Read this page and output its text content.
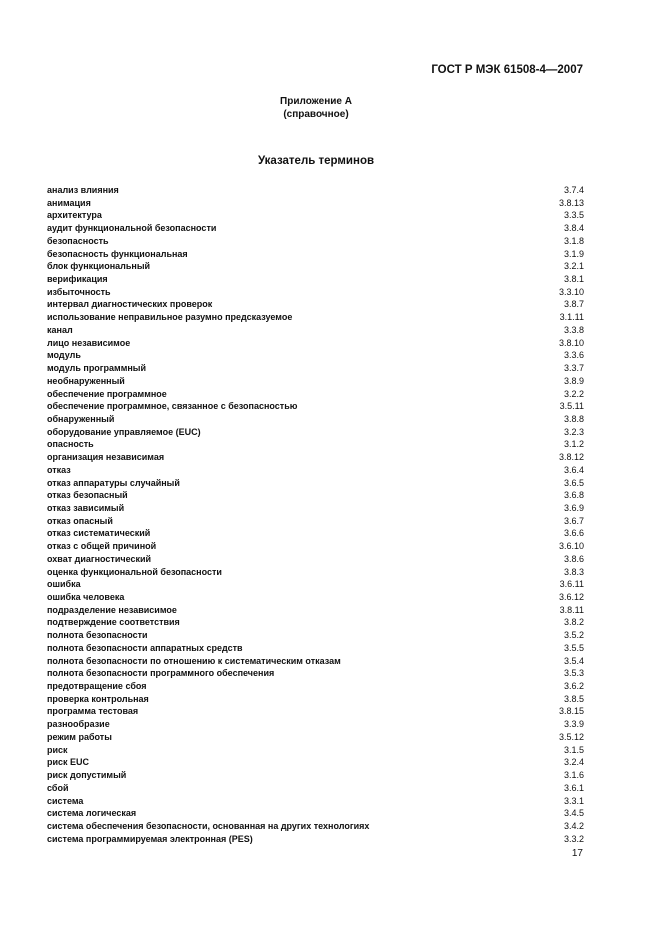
ГОСТ Р МЭК 61508-4—2007
Приложение А
(справочное)
Указатель терминов
анализ влияния	3.7.4
анимация	3.8.13
архитектура	3.3.5
аудит функциональной безопасности	3.8.4
безопасность	3.1.8
безопасность функциональная	3.1.9
блок функциональный	3.2.1
верификация	3.8.1
избыточность	3.3.10
интервал диагностических проверок	3.8.7
использование неправильное разумно предсказуемое	3.1.11
канал	3.3.8
лицо независимое	3.8.10
модуль	3.3.6
модуль программный	3.3.7
необнаруженный	3.8.9
обеспечение программное	3.2.2
обеспечение программное, связанное с безопасностью	3.5.11
обнаруженный	3.8.8
оборудование управляемое (EUC)	3.2.3
опасность	3.1.2
организация независимая	3.8.12
отказ	3.6.4
отказ аппаратуры случайный	3.6.5
отказ безопасный	3.6.8
отказ зависимый	3.6.9
отказ опасный	3.6.7
отказ систематический	3.6.6
отказ с общей причиной	3.6.10
охват диагностический	3.8.6
оценка функциональной безопасности	3.8.3
ошибка	3.6.11
ошибка человека	3.6.12
подразделение независимое	3.8.11
подтверждение соответствия	3.8.2
полнота безопасности	3.5.2
полнота безопасности аппаратных средств	3.5.5
полнота безопасности по отношению к систематическим отказам	3.5.4
полнота безопасности программного обеспечения	3.5.3
предотвращение сбоя	3.6.2
проверка контрольная	3.8.5
программа тестовая	3.8.15
разнообразие	3.3.9
режим работы	3.5.12
риск	3.1.5
риск EUC	3.2.4
риск допустимый	3.1.6
сбой	3.6.1
система	3.3.1
система логическая	3.4.5
система обеспечения безопасности, основанная на других технологиях	3.4.2
система программируемая электронная (PES)	3.3.2
17
